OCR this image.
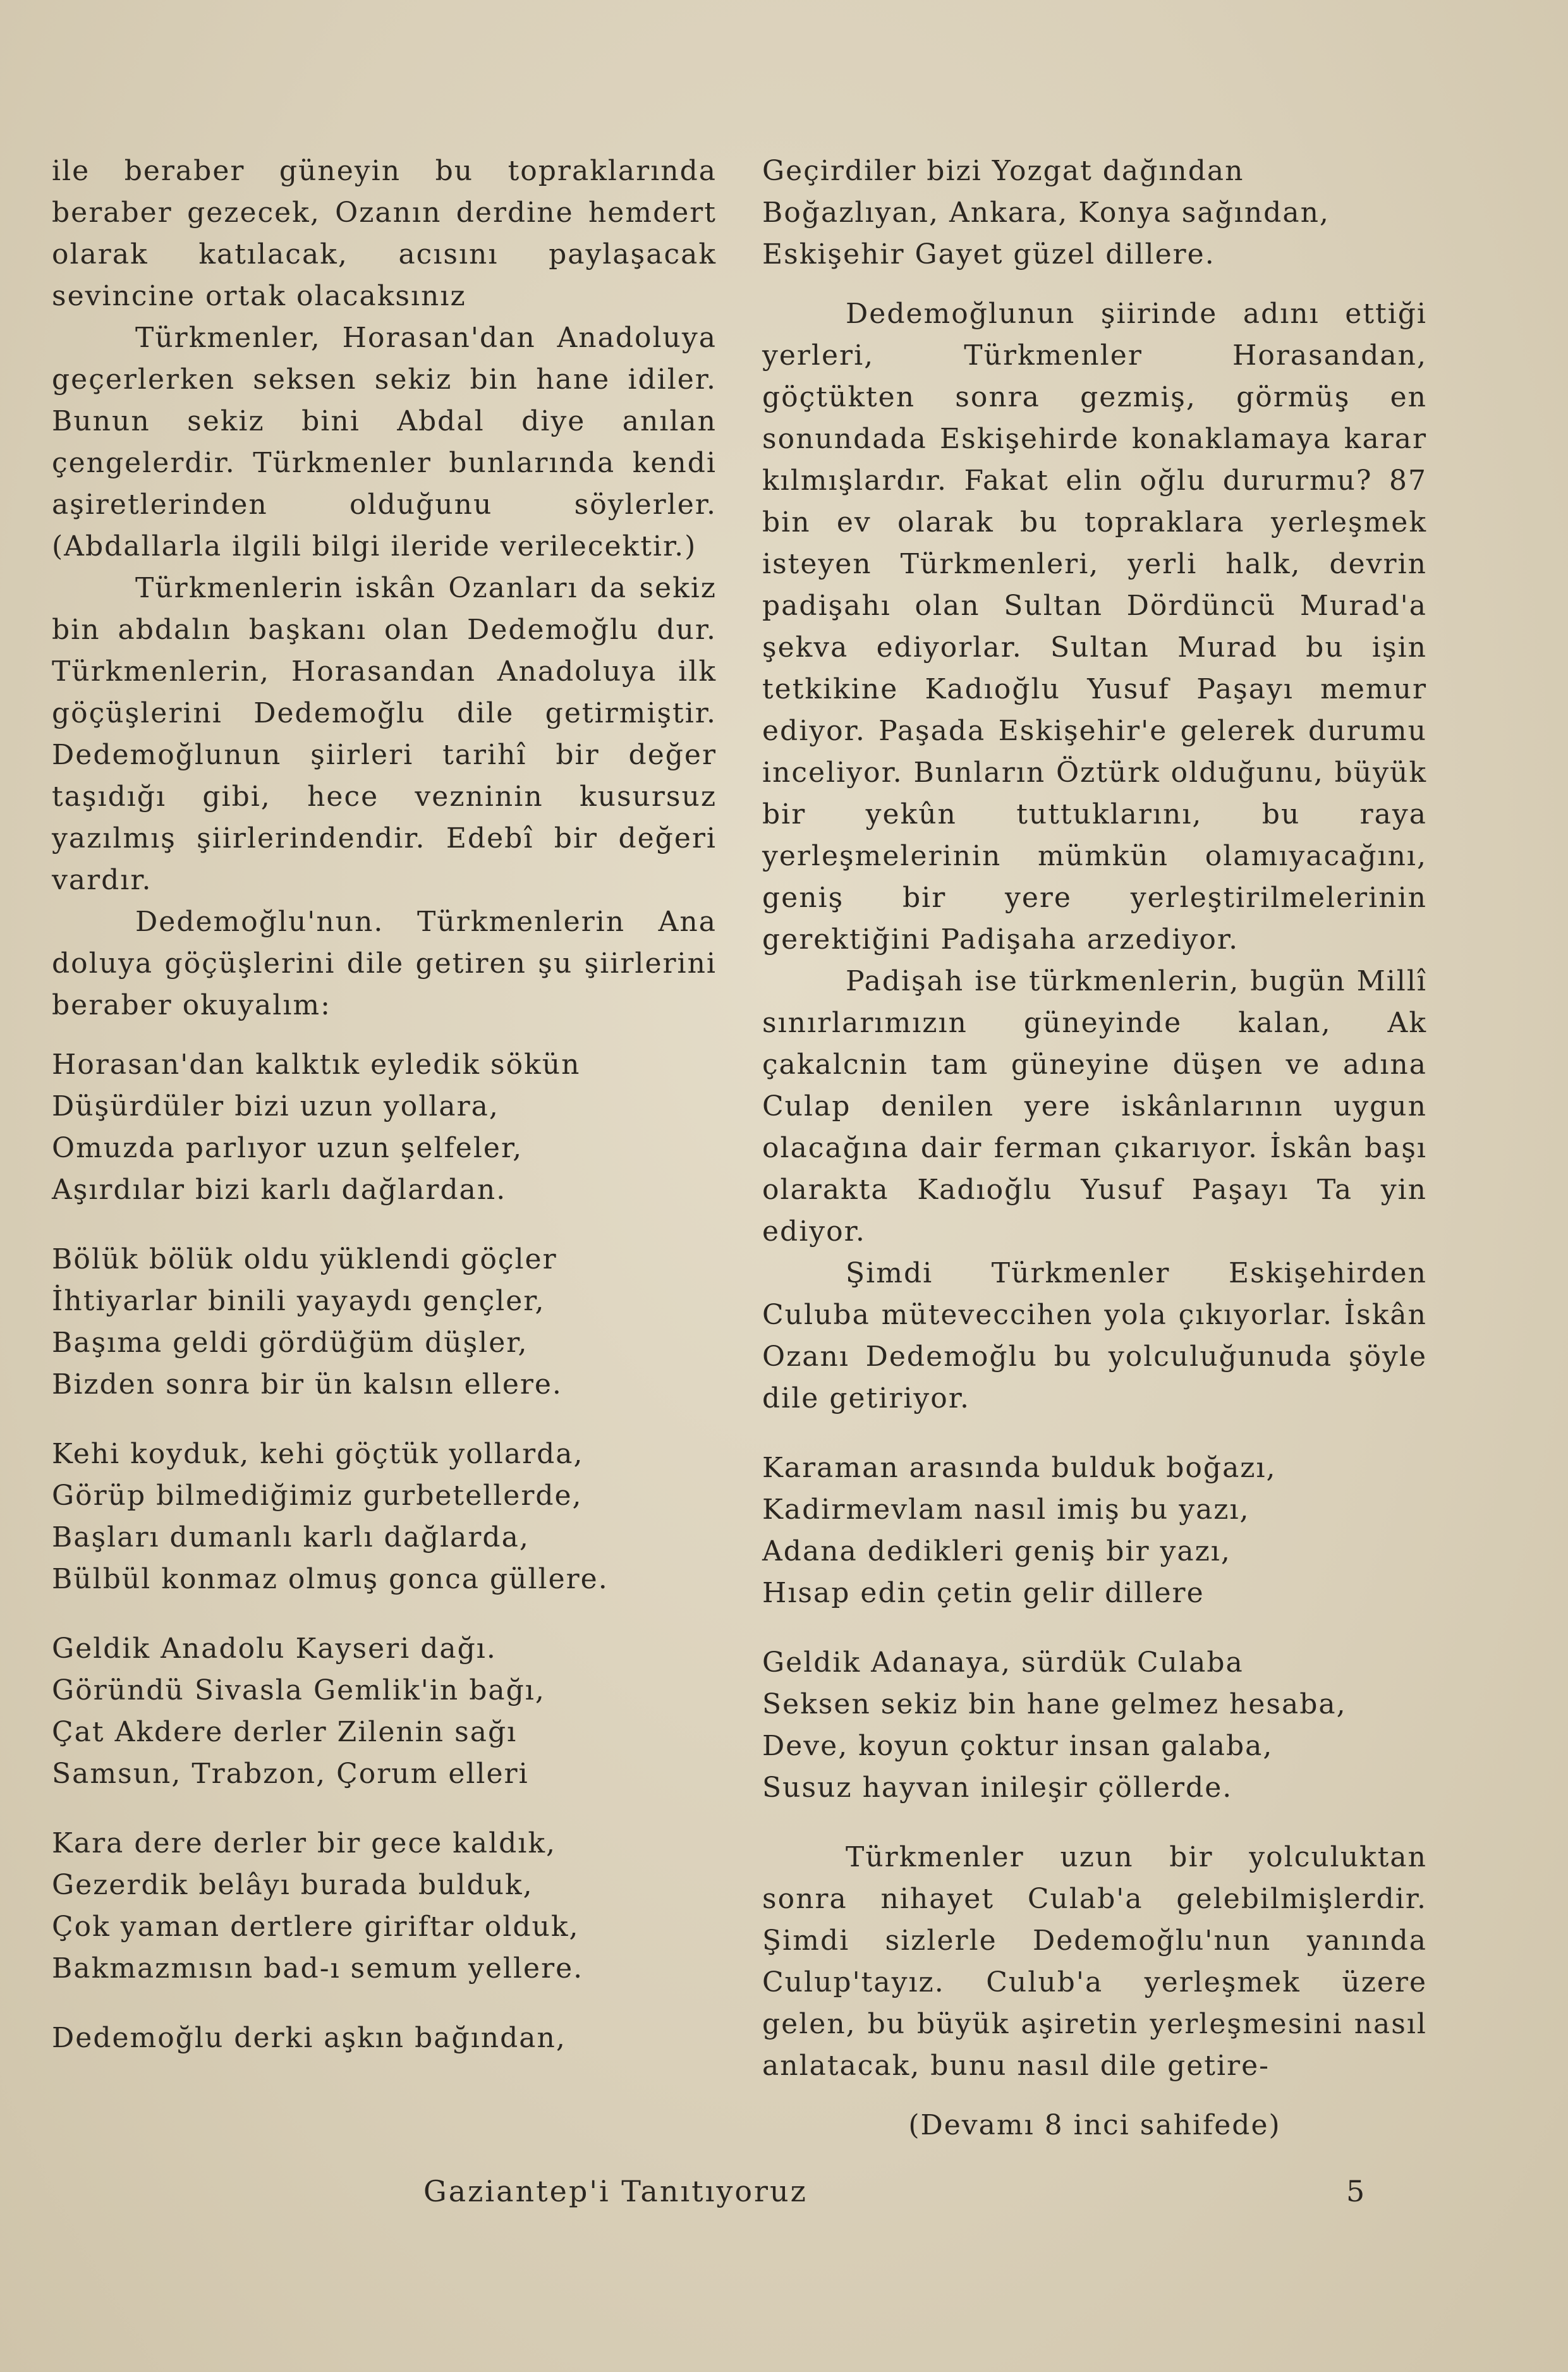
ile beraber güneyin bu topraklarında beraber gezecek, Ozanın derdine hemdert olarak katılacak, acısını paylaşacak sevincine ortak olacaksınız

Türkmenler, Horasan'dan Anadoluya geçerlerken seksen sekiz bin hane idiler. Bunun sekiz bini Abdal diye anılan çengelerdir. Türkmenler bunlarında kendi aşiretlerinden olduğunu söylerler. (Abdallarla ilgili bilgi ileride verilecektir.)

Türkmenlerin iskân Ozanları da sekiz bin abdalın başkanı olan Dedemoğlu dur. Türkmenlerin, Horasandan Anadoluya ilk göçüşlerini Dedemoğlu dile getirmiştir. Dedemoğlunun şiirleri tarihî bir değer taşıdığı gibi, hece vezninin kusursuz yazılmış şiirlerindendir. Edebî bir değeri vardır.

Dedemoğlu'nun. Türkmenlerin Ana doluya göçüşlerini dile getiren şu şiirlerini beraber okuyalım:

Horasan'dan kalktık eyledik sökün
Düşürdüler bizi uzun yollara,
Omuzda parlıyor uzun şelfeler,
Aşırdılar bizi karlı dağlardan.
Bölük bölük oldu yüklendi göçler
İhtiyarlar binili yayaydı gençler,
Başıma geldi gördüğüm düşler,
Bizden sonra bir ün kalsın ellere.
Kehi koyduk, kehi göçtük yollarda,
Görüp bilmediğimiz gurbetellerde,
Başları dumanlı karlı dağlarda,
Bülbül konmaz olmuş gonca güllere.
Geldik Anadolu Kayseri dağı.
Göründü Sivasla Gemlik'in bağı,
Çat Akdere derler Zilenin sağı
Samsun, Trabzon, Çorum elleri
Kara dere derler bir gece kaldık,
Gezerdik belâyı burada bulduk,
Çok yaman dertlere giriftar olduk,
Bakmazmısın bad-ı semum yellere.
Dedemoğlu derki aşkın bağından,
Geçirdiler bizi Yozgat dağından
Boğazlıyan, Ankara, Konya sağından,
Eskişehir Gayet güzel dillere.

Dedemoğlunun şiirinde adını ettiği yerleri, Türkmenler Horasandan, göçtükten sonra gezmiş, görmüş en sonundada Eskişehirde konaklamaya karar kılmışlardır. Fakat elin oğlu dururmu? 87 bin ev olarak bu topraklara yerleşmek isteyen Türkmenleri, yerli halk, devrin padişahı olan Sultan Dördüncü Murad'a şekva ediyorlar. Sultan Murad bu işin tetkikine Kadıoğlu Yusuf Paşayı memur ediyor. Paşada Eskişehir'e gelerek durumu inceliyor. Bunların Öztürk olduğunu, büyük bir yekûn tuttuklarını, bu raya yerleşmelerinin mümkün olamıyacağını, geniş bir yere yerleştirilmelerinin gerektiğini Padişaha arzediyor.

Padişah ise türkmenlerin, bugün Millî sınırlarımızın güneyinde kalan, Ak çakalcnin tam güneyine düşen ve adına Culap denilen yere iskânlarının uygun olacağına dair ferman çıkarıyor. İskân başı olarakta Kadıoğlu Yusuf Paşayı Ta yin ediyor.

Şimdi Türkmenler Eskişehirden Culuba müteveccihen yola çıkıyorlar. İskân Ozanı Dedemoğlu bu yolculuğunuda şöyle dile getiriyor.

Karaman arasında bulduk boğazı,
Kadirmevlam nasıl imiş bu yazı,
Adana dedikleri geniş bir yazı,
Hısap edin çetin gelir dillere
Geldik Adanaya, sürdük Culaba
Seksen sekiz bin hane gelmez hesaba,
Deve, koyun çoktur insan galaba,
Susuz hayvan inileşir çöllerde.

Türkmenler uzun bir yolculuktan sonra nihayet Culab'a gelebilmişlerdir. Şimdi sizlerle Dedemoğlu'nun yanında Culup'tayız. Culub'a yerleşmek üzere gelen, bu büyük aşiretin yerleşmesini nasıl anlatacak, bunu nasıl dile getire-

(Devamı 8 inci sahifede)

Gaziantep'i Tanıtıyoruz	5
